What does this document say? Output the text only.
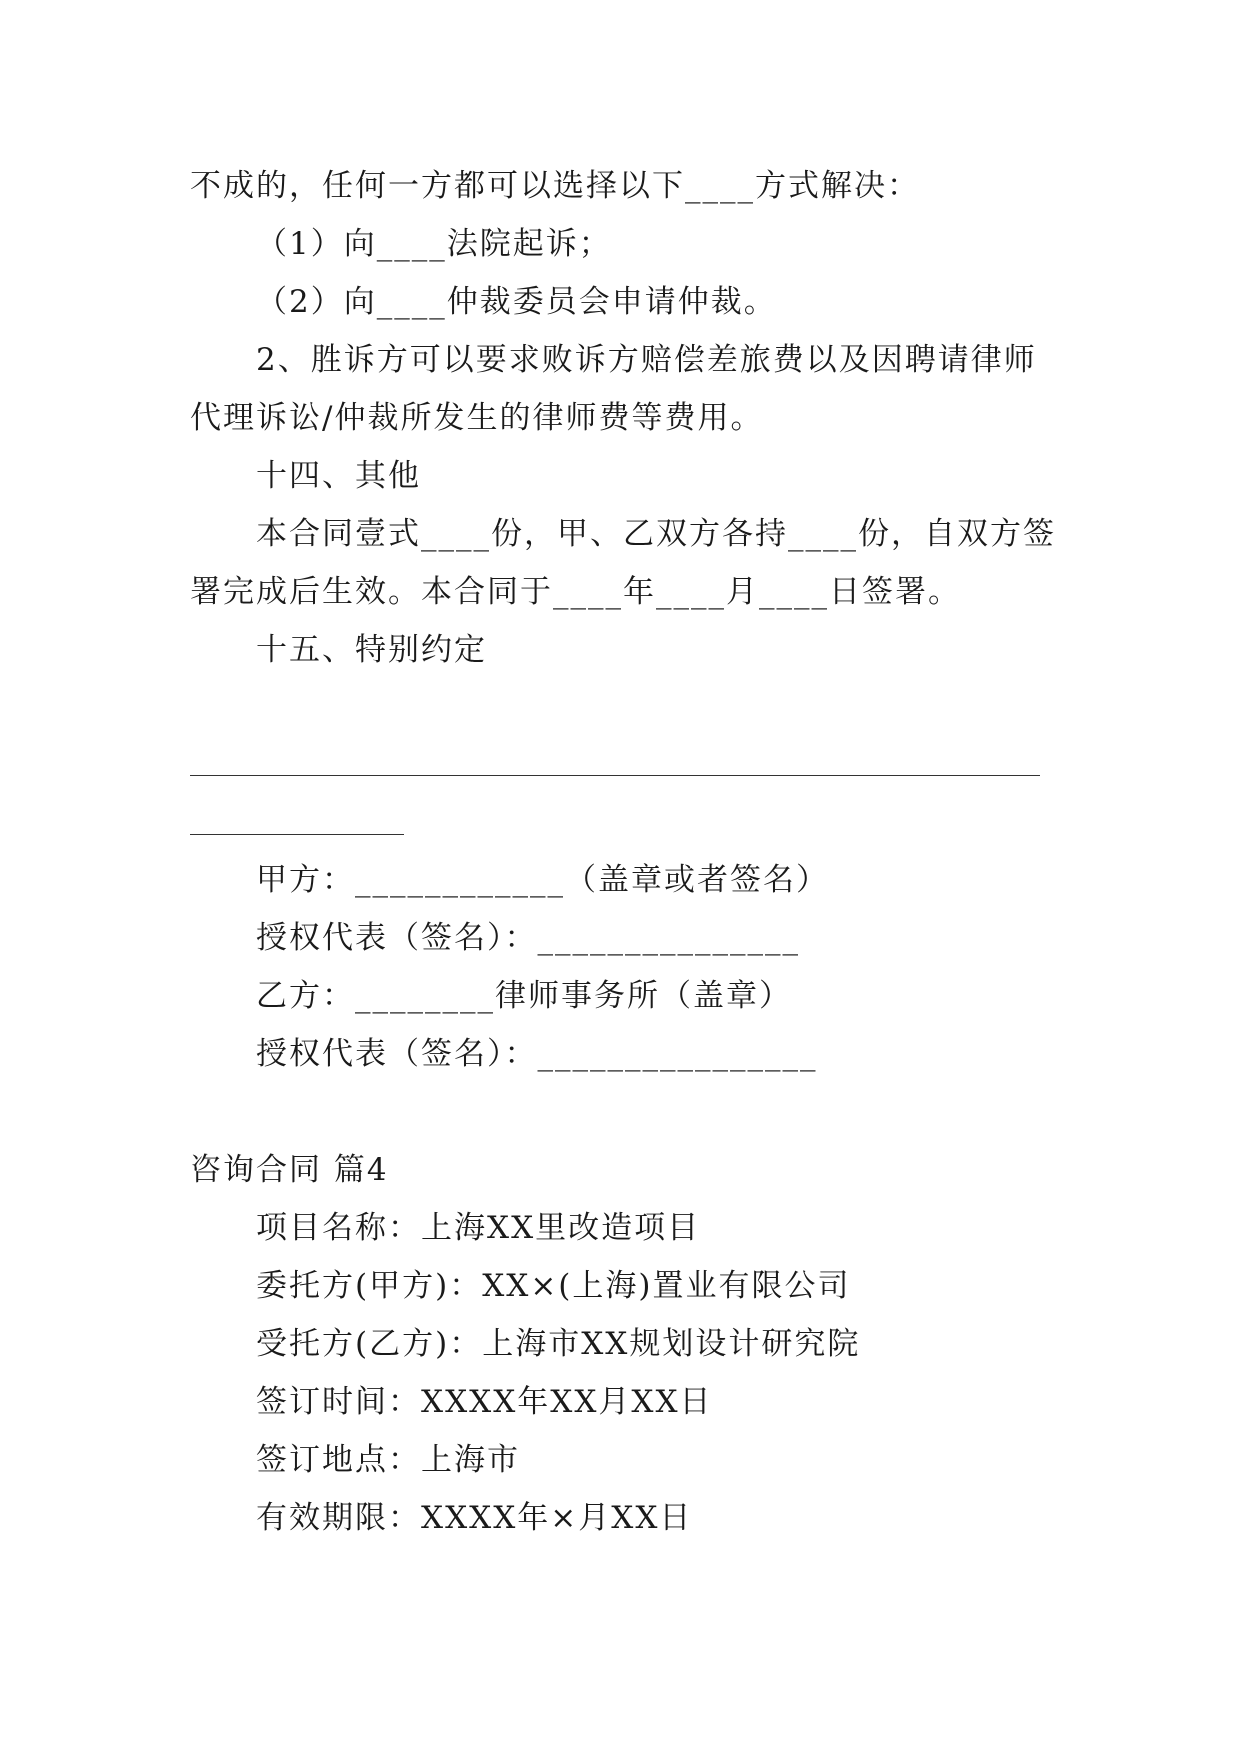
不成的，任何一方都可以选择以下____方式解决：
（1）向____法院起诉；
（2）向____仲裁委员会申请仲裁。
2、胜诉方可以要求败诉方赔偿差旅费以及因聘请律师
代理诉讼/仲裁所发生的律师费等费用。
十四、其他
本合同壹式____份，甲、乙双方各持____份，自双方签
署完成后生效。本合同于____年____月____日签署。
十五、特别约定
甲方：____________（盖章或者签名）
授权代表（签名）：_______________
乙方：________律师事务所（盖章）
授权代表（签名）：________________
咨询合同 篇4
项目名称：上海XX里改造项目
委托方(甲方)：XX×(上海)置业有限公司
受托方(乙方)：上海市XX规划设计研究院
签订时间：XXXX年XX月XX日
签订地点：上海市
有效期限：XXXX年×月XX日
